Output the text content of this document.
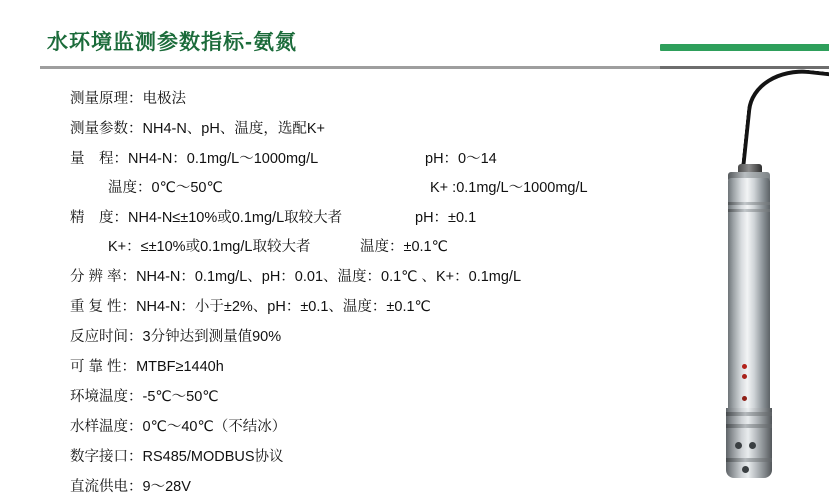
水环境监测参数指标-氨氮
测量原理：电极法
测量参数：NH4-N、pH、温度，选配K+
量　程：NH4-N：0.1mg/L～1000mg/L	pH：0～14
温度：0℃～50℃	K+ :0.1mg/L～1000mg/L
精　度：NH4-N≤±10%或0.1mg/L取较大者	pH：±0.1
K+：≤±10%或0.1mg/L取较大者	温度：±0.1℃
分 辨 率：NH4-N：0.1mg/L、pH：0.01、温度：0.1℃ 、K+：0.1mg/L
重 复 性：NH4-N：小于±2%、pH：±0.1、温度：±0.1℃
反应时间：3分钟达到测量值90%
可 靠 性：MTBF≥1440h
环境温度：-5℃～50℃
水样温度：0℃～40℃（不结冰）
数字接口：RS485/MODBUS协议
直流供电：9～28V
